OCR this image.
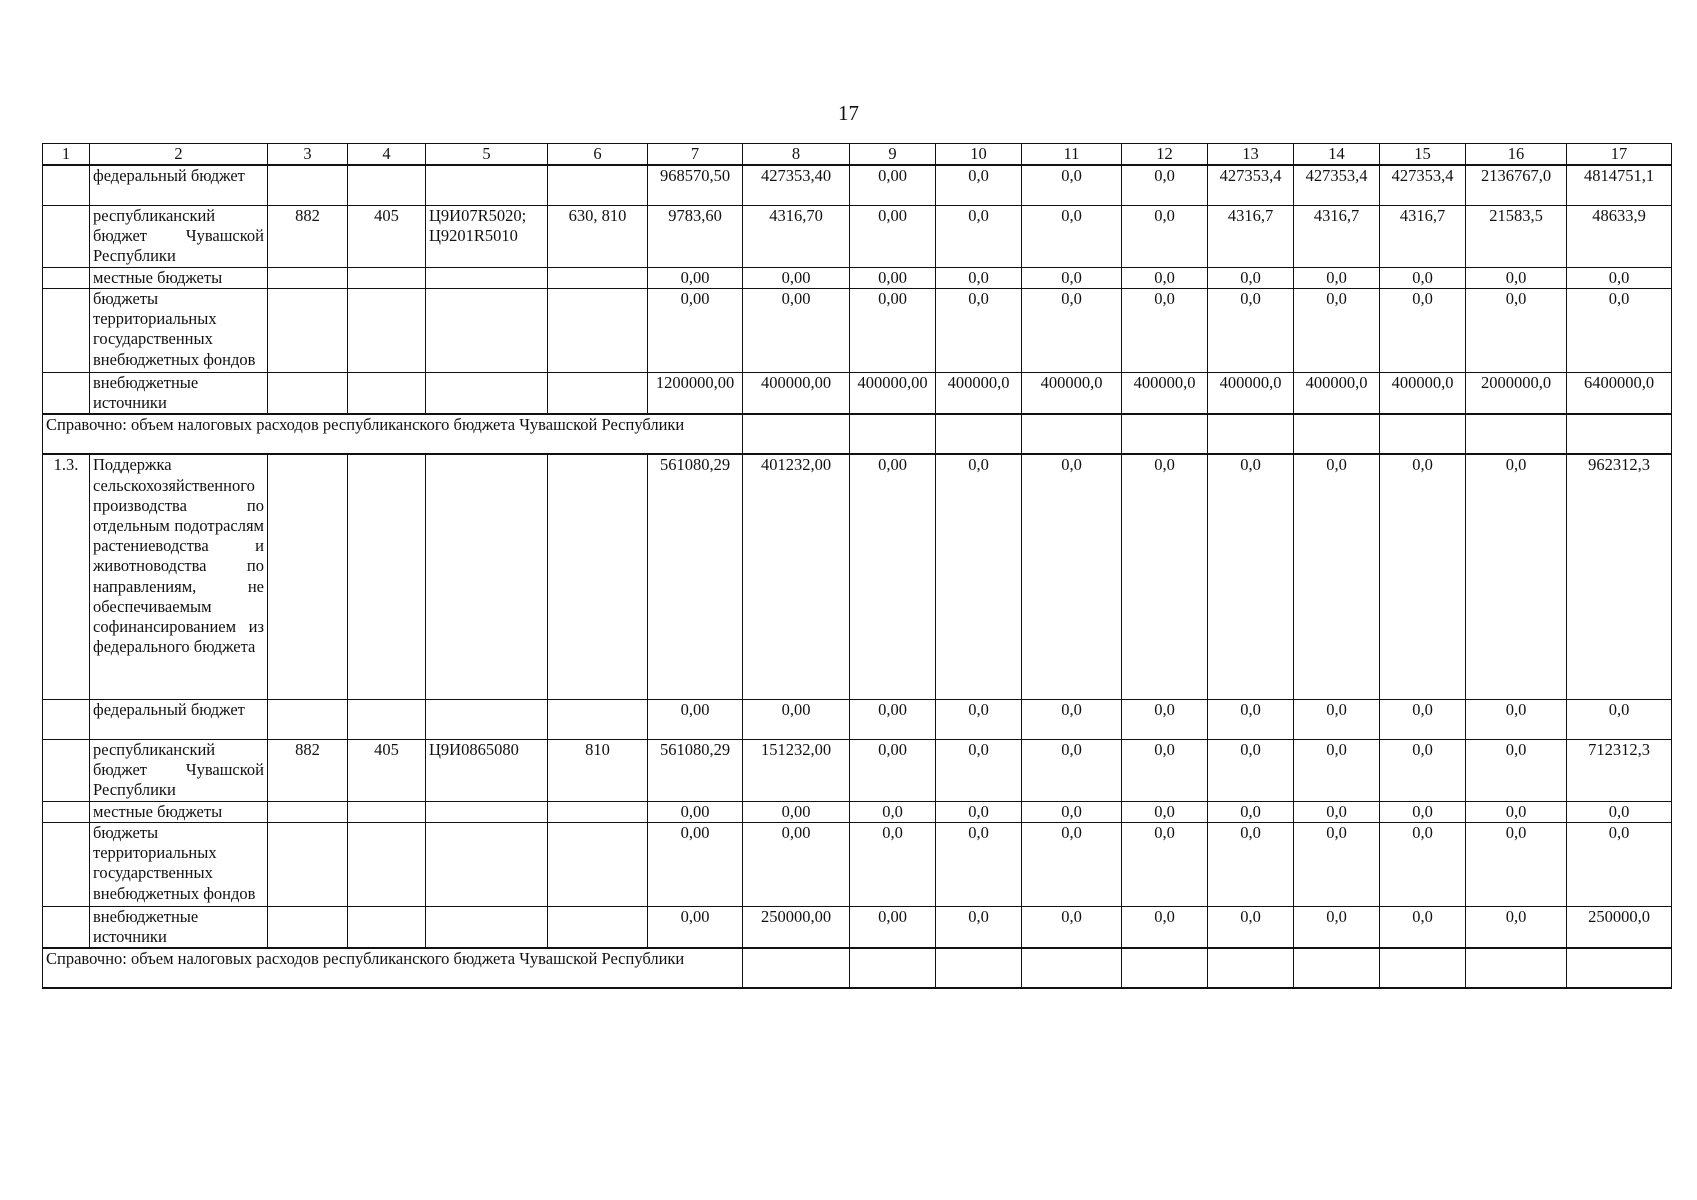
17
1	2	3	4	5	6	7	8	9	10	11	12	13	14	15	16	17
	федеральный бюджет					968570,50	427353,40	0,00	0,0	0,0	0,0	427353,4	427353,4	427353,4	2136767,0	4814751,1
	республиканский бюджет Чувашской Республики	882	405	Ц9И07R5020; Ц9201R5010	630, 810	9783,60	4316,70	0,00	0,0	0,0	0,0	4316,7	4316,7	4316,7	21583,5	48633,9
	местные бюджеты					0,00	0,00	0,00	0,0	0,0	0,0	0,0	0,0	0,0	0,0	0,0
	бюджеты территориальных государственных внебюджетных фондов					0,00	0,00	0,00	0,0	0,0	0,0	0,0	0,0	0,0	0,0	0,0
	внебюджетные источники					1200000,00	400000,00	400000,00	400000,0	400000,0	400000,0	400000,0	400000,0	400000,0	2000000,0	6400000,0
Справочно: объем налоговых расходов республиканского бюджета Чувашской Республики																
1.3.	Поддержка сельскохозяйственного производства по отдельным подотраслям растениеводства и животноводства по направлениям, не обеспечиваемым софинансированием из федерального бюджета					561080,29	401232,00	0,00	0,0	0,0	0,0	0,0	0,0	0,0	0,0	962312,3
	федеральный бюджет					0,00	0,00	0,00	0,0	0,0	0,0	0,0	0,0	0,0	0,0	0,0
	республиканский бюджет Чувашской Республики	882	405	Ц9И0865080	810	561080,29	151232,00	0,00	0,0	0,0	0,0	0,0	0,0	0,0	0,0	712312,3
	местные бюджеты					0,00	0,00	0,0	0,0	0,0	0,0	0,0	0,0	0,0	0,0	0,0
	бюджеты территориальных государственных внебюджетных фондов					0,00	0,00	0,0	0,0	0,0	0,0	0,0	0,0	0,0	0,0	0,0
	внебюджетные источники					0,00	250000,00	0,00	0,0	0,0	0,0	0,0	0,0	0,0	0,0	250000,0
Справочно: объем налоговых расходов республиканского бюджета Чувашской Республики																
